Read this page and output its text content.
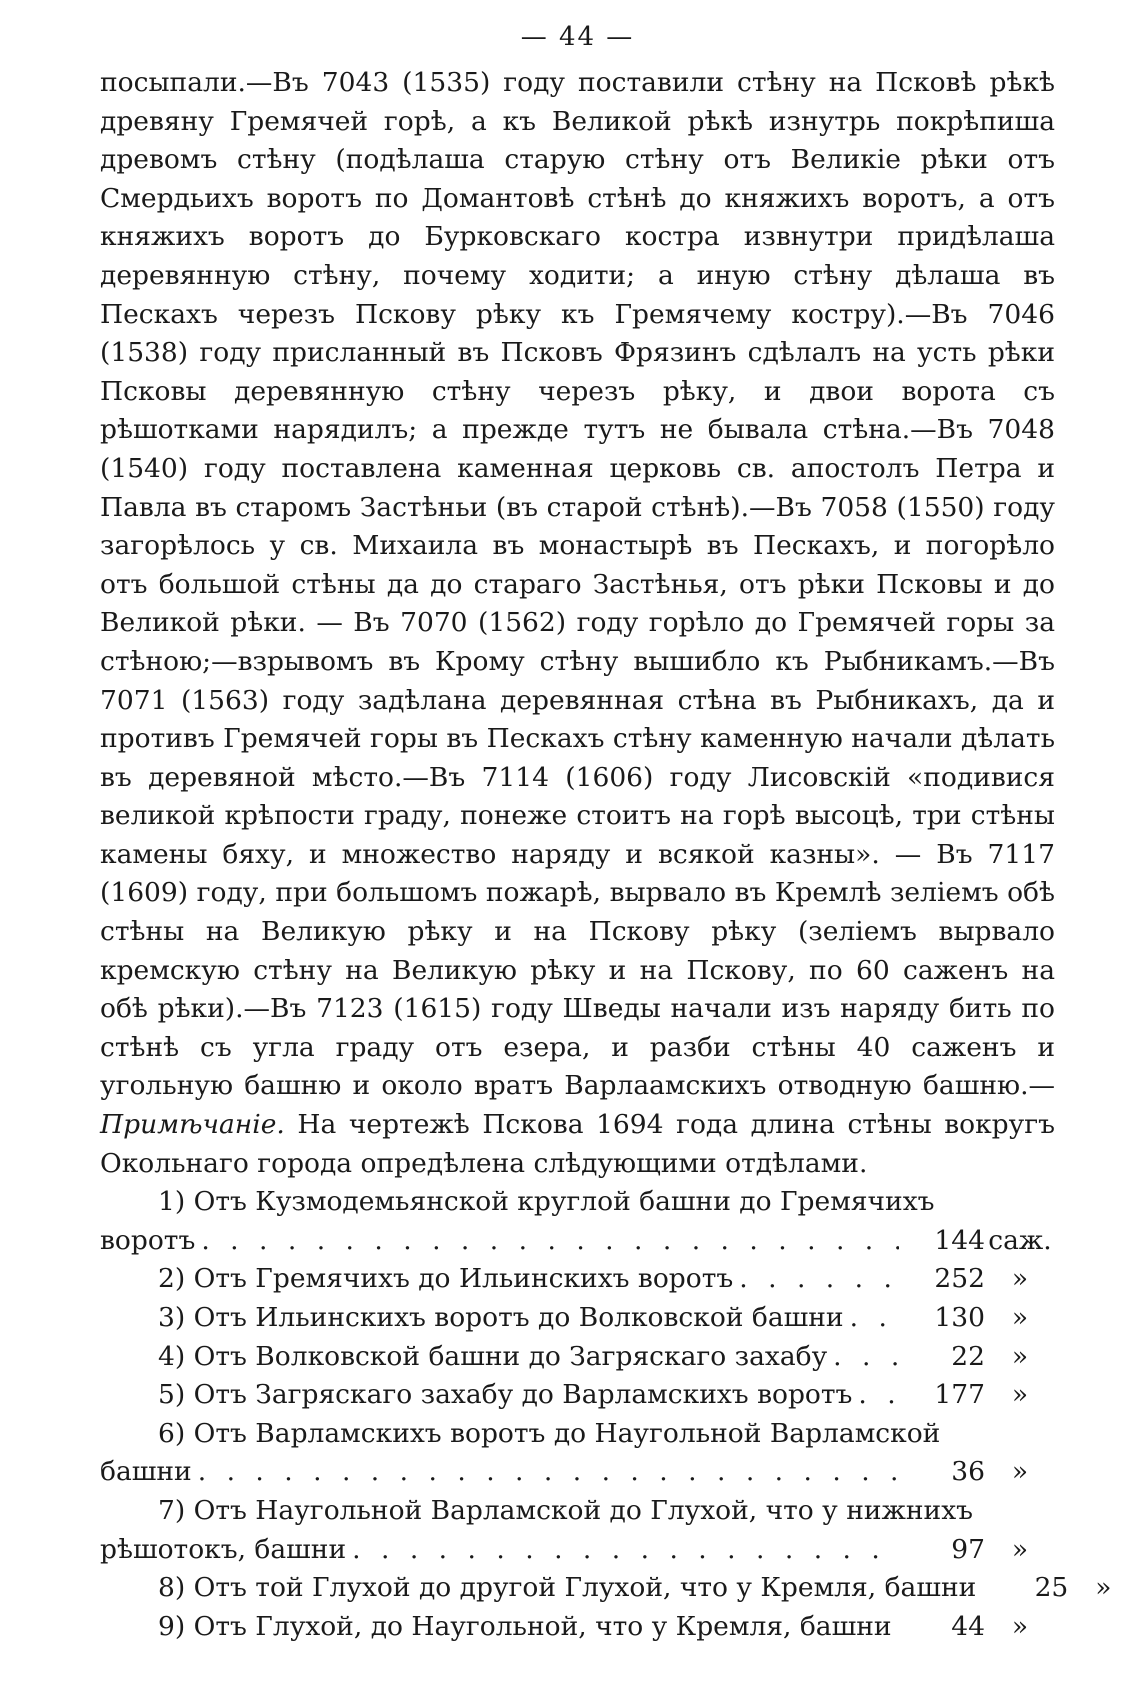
— 44 —

посыпали.—Въ 7043 (1535) году поставили стѣну на Псковѣ рѣкѣ древяну Гремячей горѣ, а къ Великой рѣкѣ изнутрь покрѣпиша древомъ стѣну (подѣлаша старую стѣну отъ Великіе рѣки отъ Смердьихъ воротъ по Домантовѣ стѣнѣ до княжихъ воротъ, а отъ княжихъ воротъ до Бурковскаго костра извнутри придѣлаша деревянную стѣну, почему ходити; а иную стѣну дѣлаша въ Пескахъ черезъ Пскову рѣку къ Гремячему костру).—Въ 7046 (1538) году присланный въ Псковъ Фрязинъ сдѣлалъ на усть рѣки Псковы деревянную стѣну черезъ рѣку, и двои ворота съ рѣшотками нарядилъ; а прежде тутъ не бывала стѣна.—Въ 7048 (1540) году поставлена каменная церковь св. апостолъ Петра и Павла въ старомъ Застѣньи (въ старой стѣнѣ).—Въ 7058 (1550) году загорѣлось у св. Михаила въ монастырѣ въ Пескахъ, и погорѣло отъ большой стѣны да до стараго Застѣнья, отъ рѣки Псковы и до Великой рѣки. — Въ 7070 (1562) году горѣло до Гремячей горы за стѣною;—взрывомъ въ Крому стѣну вышибло къ Рыбникамъ.—Въ 7071 (1563) году задѣлана деревянная стѣна въ Рыбникахъ, да и противъ Гремячей горы въ Пескахъ стѣну каменную начали дѣлать въ деревяной мѣсто.—Въ 7114 (1606) году Лисовскій «подивися великой крѣпости граду, понеже стоитъ на горѣ высоцѣ, три стѣны камены бяху, и множество наряду и всякой казны». — Въ 7117 (1609) году, при большомъ пожарѣ, вырвало въ Кремлѣ зеліемъ обѣ стѣны на Великую рѣку и на Пскову рѣку (зеліемъ вырвало кремскую стѣну на Великую рѣку и на Пскову, по 60 саженъ на обѣ рѣки).—Въ 7123 (1615) году Шведы начали изъ наряду бить по стѣнѣ съ угла граду отъ езера, и разби стѣны 40 саженъ и угольную башню и около вратъ Варлаамскихъ отводную башню.—Примѣчаніе. На чертежѣ Пскова 1694 года длина стѣны вокругъ Окольнаго города опредѣлена слѣдующими отдѣлами.

1)
Отъ Кузмодемьянской круглой башни до Гремячихъ
воротъ . . .	144 саж.
2)
Отъ Гремячихъ до Ильинскихъ воротъ . . .	252	»
3)
Отъ Ильинскихъ воротъ до Волковской башни . . .	130	»
4)
Отъ Волковской башни до Загряскаго захабу . . .	22	»
5)
Отъ Загряскаго захабу до Варламскихъ воротъ . . .	177	»
6)
Отъ Варламскихъ воротъ до Наугольной Варламской
башни . . .	36	»
7)
Отъ Наугольной Варламской до Глухой, что у нижнихъ
рѣшотокъ, башни . . .	97	»
8)
Отъ той Глухой до другой Глухой, что у Кремля, башни	25	»
9)
Отъ Глухой, до Наугольной, что у Кремля, башни . . .	44	»
